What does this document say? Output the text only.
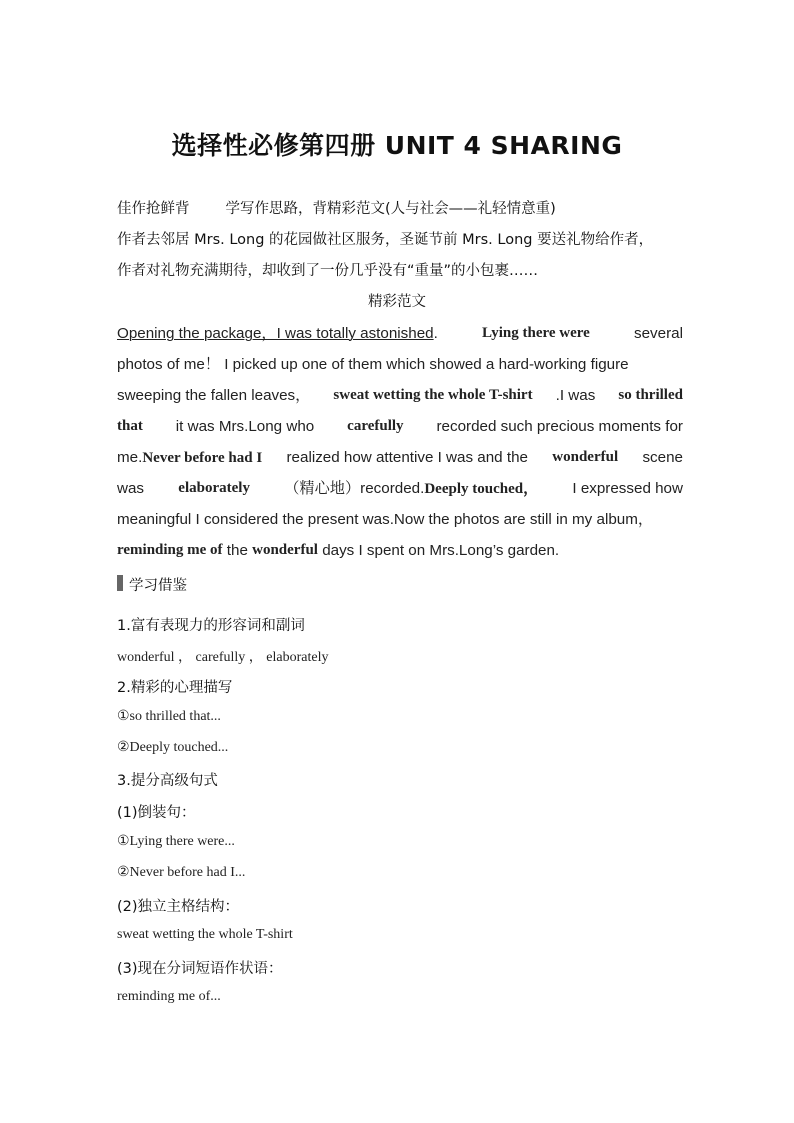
选择性必修第四册 UNIT 4 SHARING
佳作抢鲜背 学写作思路，背精彩范文(人与社会——礼轻情意重)
作者去邻居 Mrs. Long 的花园做社区服务，圣诞节前 Mrs. Long 要送礼物给作者，
作者对礼物充满期待，却收到了一份几乎没有“重量”的小包裹……
精彩范文
Opening the package，I was totally astonished.	Lying there were	several
photos of me！ I picked up one of them which showed a hard-working figure
sweeping the fallen leaves， sweat wetting the whole T-shirt .I was so thrilled
that it was Mrs.Long who carefully recorded such precious moments for
me.Never before had I realized how attentive I was and the wonderful scene
was elaborately （精心地）recorded.Deeply touched， I expressed how
meaningful I considered the present was.Now the photos are still in my album，
reminding me of the wonderful days I spent on Mrs.Long’s garden.
学习借鉴
1.富有表现力的形容词和副词
wonderful ， carefully ， elaborately
2.精彩的心理描写
①so thrilled that...
②Deeply touched...
3.提分高级句式
(1)倒装句：
①Lying there were...
②Never before had I...
(2)独立主格结构：
sweat wetting the whole T-shirt
(3)现在分词短语作状语：
reminding me of...
